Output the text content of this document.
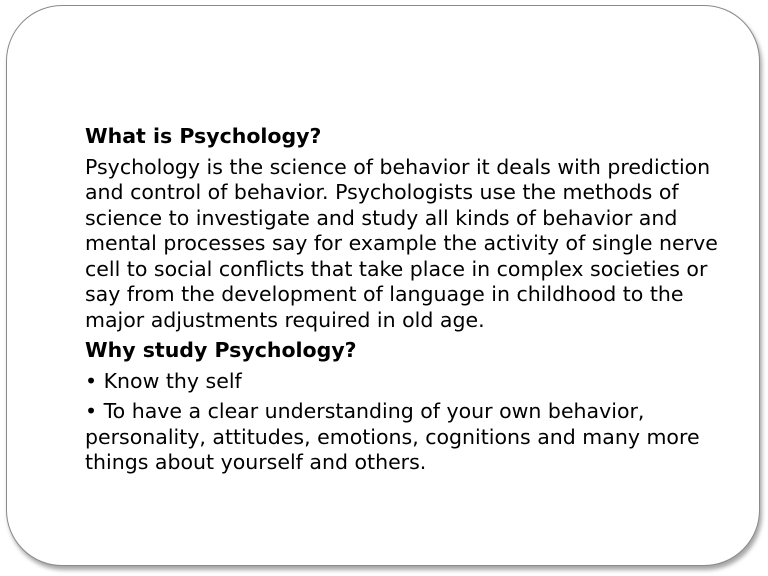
What is Psychology?

Psychology is the science of behavior it deals with prediction and control of behavior. Psychologists use the methods of science to investigate and study all kinds of behavior and mental processes say for example the activity of single nerve cell to social conflicts that take place in complex societies or say from the development of language in childhood to the major adjustments required in old age.

Why study Psychology?

• Know thy self

• To have a clear understanding of your own behavior, personality, attitudes, emotions, cognitions and many more things about yourself and others.
